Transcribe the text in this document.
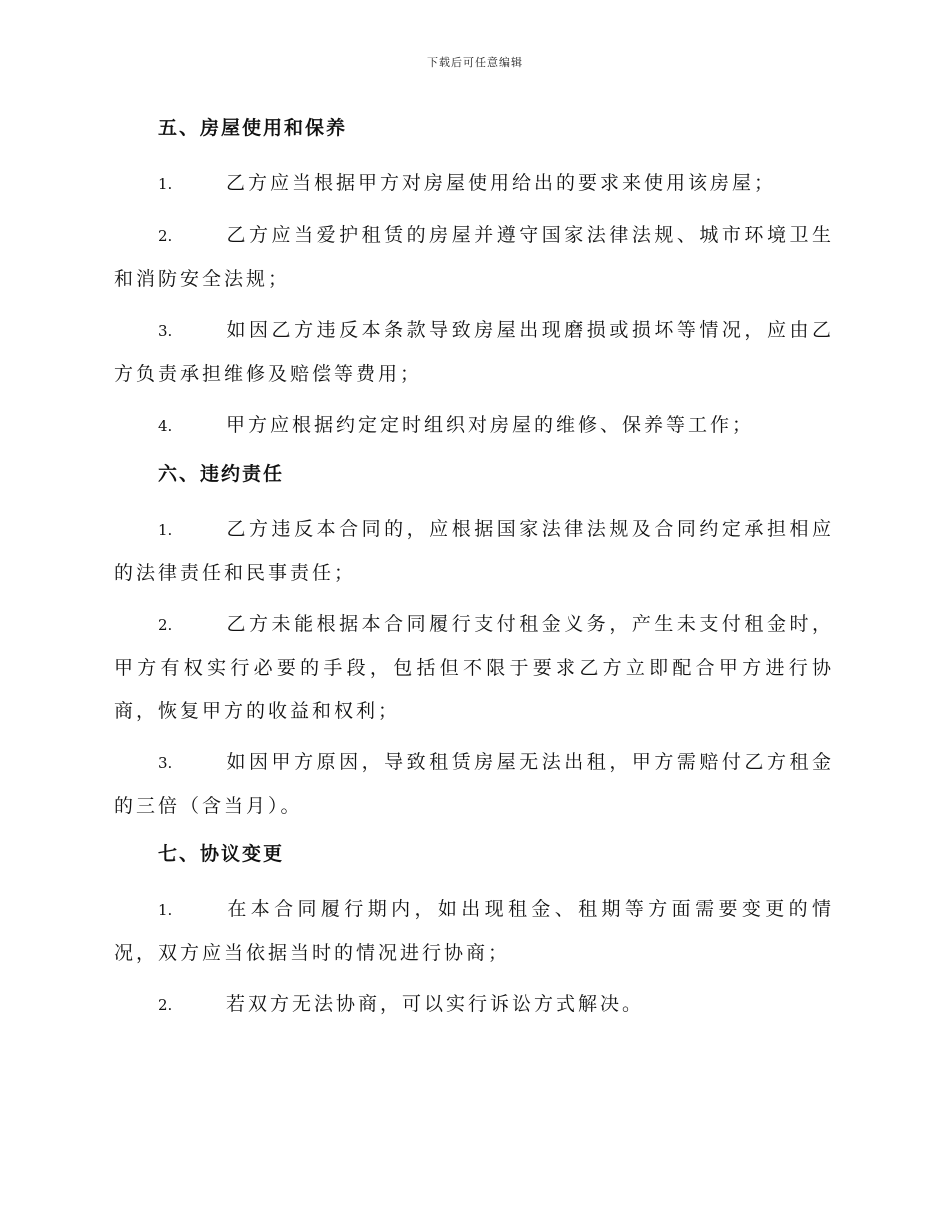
下载后可任意编辑
五、房屋使用和保养
1.	乙方应当根据甲方对房屋使用给出的要求来使用该房屋；
2.	乙方应当爱护租赁的房屋并遵守国家法律法规、城市环境卫生和消防安全法规；
3.	如因乙方违反本条款导致房屋出现磨损或损坏等情况，应由乙方负责承担维修及赔偿等费用；
4.	甲方应根据约定定时组织对房屋的维修、保养等工作；
六、违约责任
1.	乙方违反本合同的，应根据国家法律法规及合同约定承担相应的法律责任和民事责任；
2.	乙方未能根据本合同履行支付租金义务，产生未支付租金时，甲方有权实行必要的手段，包括但不限于要求乙方立即配合甲方进行协商，恢复甲方的收益和权利；
3.	如因甲方原因，导致租赁房屋无法出租，甲方需赔付乙方租金的三倍（含当月）。
七、协议变更
1.	在本合同履行期内，如出现租金、租期等方面需要变更的情况，双方应当依据当时的情况进行协商；
2.	若双方无法协商，可以实行诉讼方式解决。
